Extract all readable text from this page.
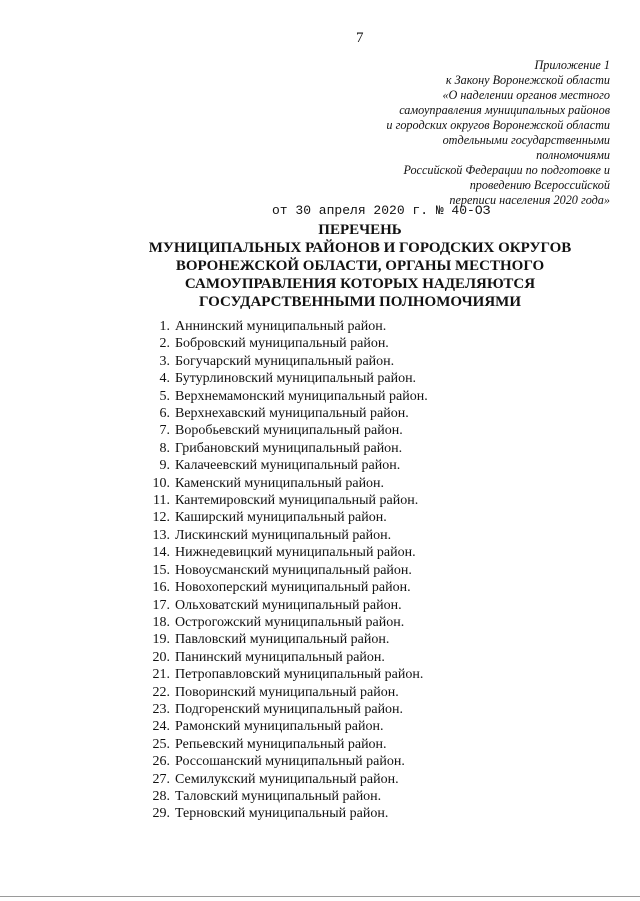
7

Приложение 1
к Закону Воронежской области
«О наделении органов местного
самоуправления муниципальных районов
и городских округов Воронежской области
отдельными государственными
полномочиями
Российской Федерации по подготовке и
проведению Всероссийской
переписи населения 2020 года»

от 30 апреля 2020 г. № 40-ОЗ

ПЕРЕЧЕНЬ
МУНИЦИПАЛЬНЫХ РАЙОНОВ И ГОРОДСКИХ ОКРУГОВ
ВОРОНЕЖСКОЙ ОБЛАСТИ, ОРГАНЫ МЕСТНОГО
САМОУПРАВЛЕНИЯ КОТОРЫХ НАДЕЛЯЮТСЯ
ГОСУДАРСТВЕННЫМИ ПОЛНОМОЧИЯМИ
1. Аннинский муниципальный район.
2. Бобровский муниципальный район.
3. Богучарский муниципальный район.
4. Бутурлиновский муниципальный район.
5. Верхнемамонский муниципальный район.
6. Верхнехавский муниципальный район.
7. Воробьевский муниципальный район.
8. Грибановский муниципальный район.
9. Калачеевский муниципальный район.
10. Каменский муниципальный район.
11. Кантемировский муниципальный район.
12. Каширский муниципальный район.
13. Лискинский муниципальный район.
14. Нижнедевицкий муниципальный район.
15. Новоусманский муниципальный район.
16. Новохоперский муниципальный район.
17. Ольховатский муниципальный район.
18. Острогожский муниципальный район.
19. Павловский муниципальный район.
20. Панинский муниципальный район.
21. Петропавловский муниципальный район.
22. Поворинский муниципальный район.
23. Подгоренский муниципальный район.
24. Рамонский муниципальный район.
25. Репьевский муниципальный район.
26. Россошанский муниципальный район.
27. Семилукский муниципальный район.
28. Таловский муниципальный район.
29. Терновский муниципальный район.
